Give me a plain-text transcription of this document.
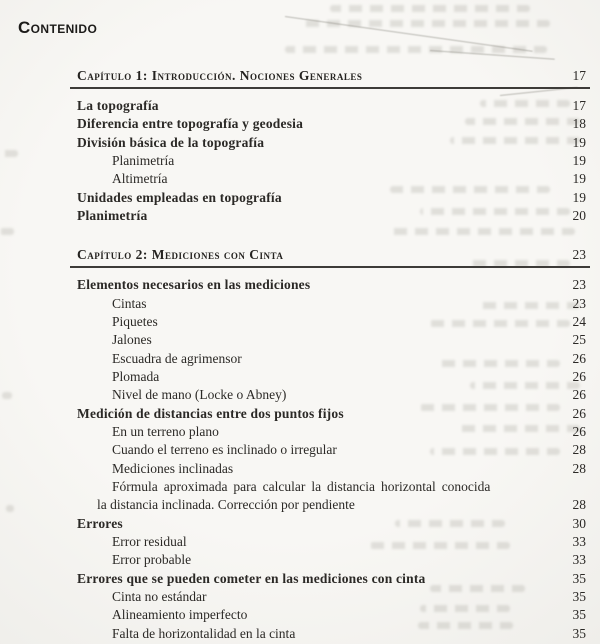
Contenido
Capítulo 1: Introducción. Nociones Generales	17
La topografía	17
Diferencia entre topografía y geodesia	18
División básica de la topografía	19
Planimetría	19
Altimetría	19
Unidades empleadas en topografía	19
Planimetría	20
Capítulo 2: Mediciones con Cinta	23
Elementos necesarios en las mediciones	23
Cintas	23
Piquetes	24
Jalones	25
Escuadra de agrimensor	26
Plomada	26
Nivel de mano (Locke o Abney)	26
Medición de distancias entre dos puntos fijos	26
En un terreno plano	26
Cuando el terreno es inclinado o irregular	28
Mediciones inclinadas	28
Fórmula aproximada para calcular la distancia horizontal conocida
la distancia inclinada. Corrección por pendiente	28
Errores	30
Error residual	33
Error probable	33
Errores que se pueden cometer en las mediciones con cinta	35
Cinta no estándar	35
Alineamiento imperfecto	35
Falta de horizontalidad en la cinta	35
